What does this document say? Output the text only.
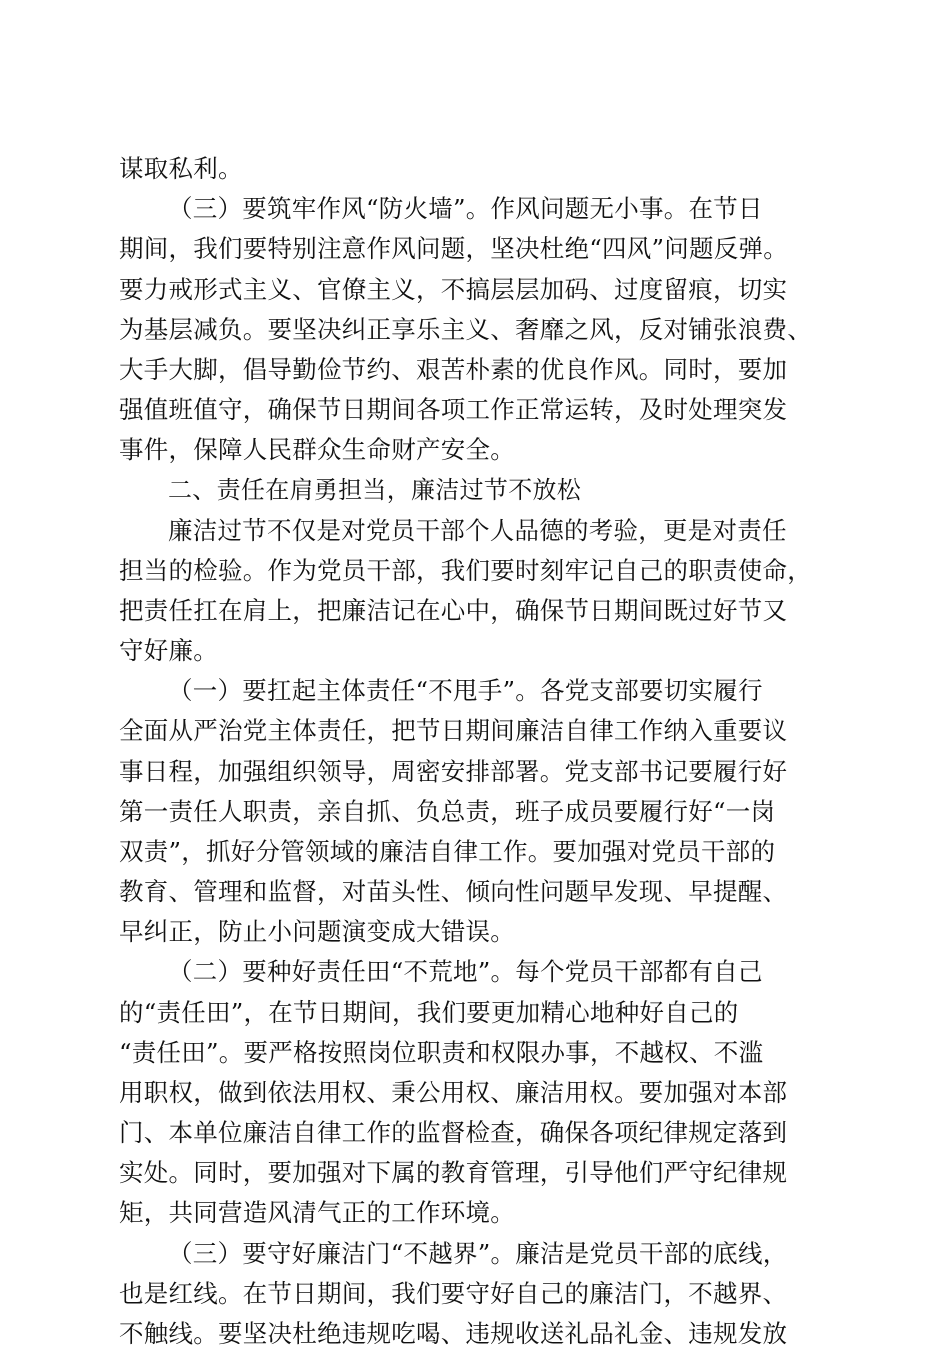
谋取私利。
（三）要筑牢作风“防火墙”。作风问题无小事。在节日
期间，我们要特别注意作风问题，坚决杜绝“四风”问题反弹。
要力戒形式主义、官僚主义，不搞层层加码、过度留痕，切实
为基层减负。要坚决纠正享乐主义、奢靡之风，反对铺张浪费、
大手大脚，倡导勤俭节约、艰苦朴素的优良作风。同时，要加
强值班值守，确保节日期间各项工作正常运转，及时处理突发
事件，保障人民群众生命财产安全。
二、责任在肩勇担当，廉洁过节不放松
廉洁过节不仅是对党员干部个人品德的考验，更是对责任
担当的检验。作为党员干部，我们要时刻牢记自己的职责使命，
把责任扛在肩上，把廉洁记在心中，确保节日期间既过好节又
守好廉。
（一）要扛起主体责任“不甩手”。各党支部要切实履行
全面从严治党主体责任，把节日期间廉洁自律工作纳入重要议
事日程，加强组织领导，周密安排部署。党支部书记要履行好
第一责任人职责，亲自抓、负总责，班子成员要履行好“一岗
双责”，抓好分管领域的廉洁自律工作。要加强对党员干部的
教育、管理和监督，对苗头性、倾向性问题早发现、早提醒、
早纠正，防止小问题演变成大错误。
（二）要种好责任田“不荒地”。每个党员干部都有自己
的“责任田”，在节日期间，我们要更加精心地种好自己的
“责任田”。要严格按照岗位职责和权限办事，不越权、不滥
用职权，做到依法用权、秉公用权、廉洁用权。要加强对本部
门、本单位廉洁自律工作的监督检查，确保各项纪律规定落到
实处。同时，要加强对下属的教育管理，引导他们严守纪律规
矩，共同营造风清气正的工作环境。
（三）要守好廉洁门“不越界”。廉洁是党员干部的底线，
也是红线。在节日期间，我们要守好自己的廉洁门，不越界、
不触线。要坚决杜绝违规吃喝、违规收送礼品礼金、违规发放
